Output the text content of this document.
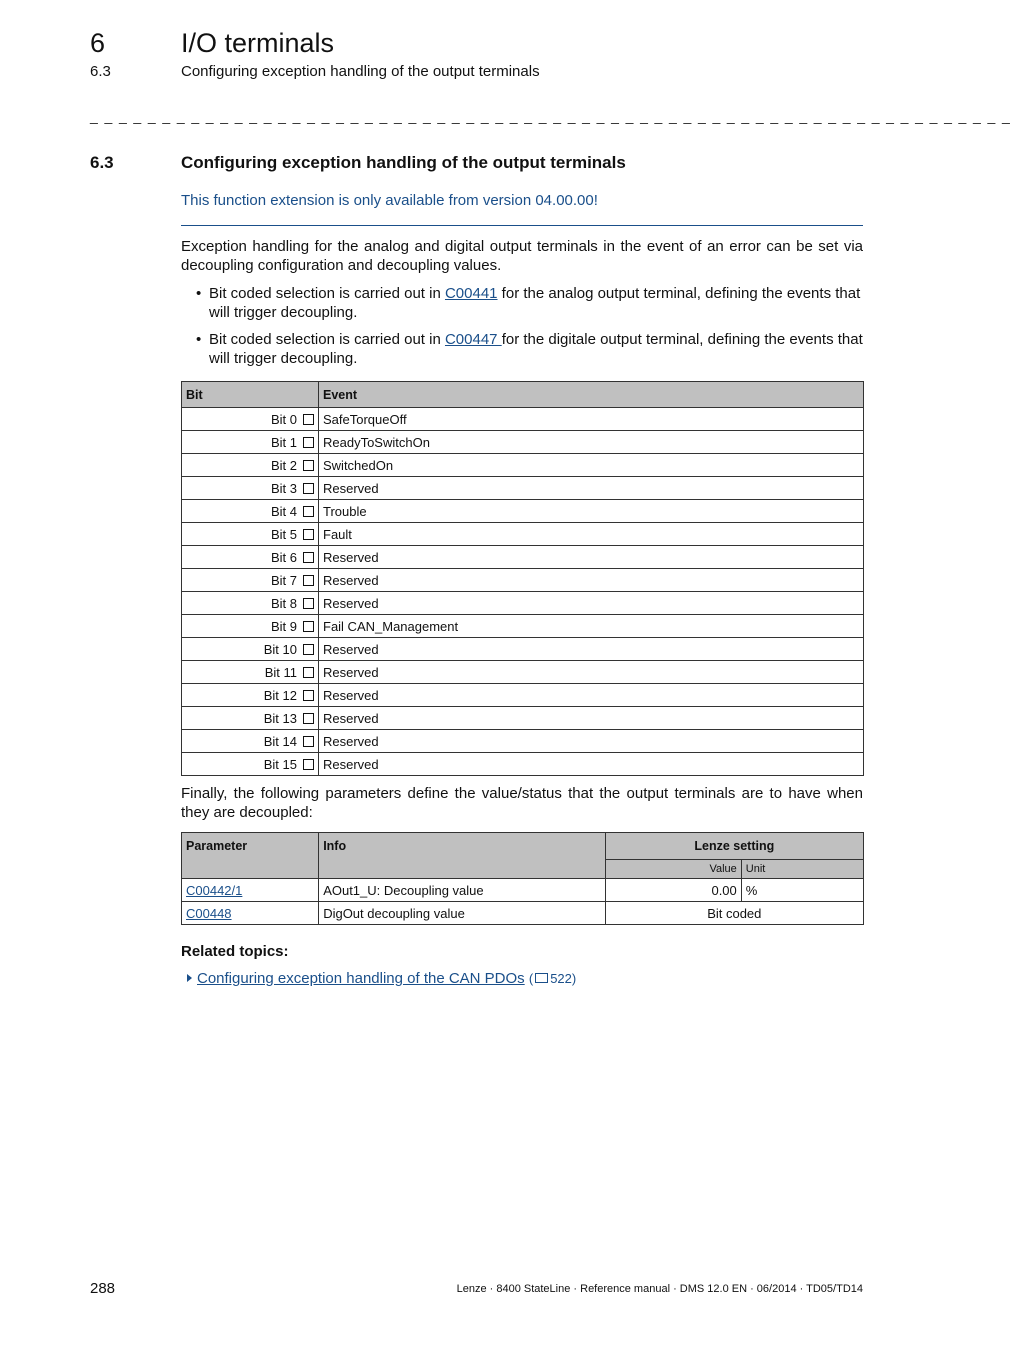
6	I/O terminals
6.3	Configuring exception handling of the output terminals
_ _ _ _ _ _ _ _ _ _ _ _ _ _ _ _ _ _ _ _ _ _ _ _ _ _ _ _ _ _ _ _ _ _ _ _ _ _ _ _ _ _ _ _ _ _ _ _ _ _ _ _ _ _ _ _ _ _ _ _ _ _ _ _
6.3	Configuring exception handling of the output terminals
This function extension is only available from version 04.00.00!
Exception handling for the analog and digital output terminals in the event of an error can be set via decoupling configuration and decoupling values.
• Bit coded selection is carried out in C00441 for the analog output terminal, defining the events that will trigger decoupling.
• Bit coded selection is carried out in C00447 for the digitale output terminal, defining the events that will trigger decoupling.
Bit	Event
Bit 0	SafeTorqueOff
Bit 1	ReadyToSwitchOn
Bit 2	SwitchedOn
Bit 3	Reserved
Bit 4	Trouble
Bit 5	Fault
Bit 6	Reserved
Bit 7	Reserved
Bit 8	Reserved
Bit 9	Fail CAN_Management
Bit 10	Reserved
Bit 11	Reserved
Bit 12	Reserved
Bit 13	Reserved
Bit 14	Reserved
Bit 15	Reserved
Finally, the following parameters define the value/status that the output terminals are to have when they are decoupled:
Parameter	Info	Lenze setting	
		Value	Unit
C00442/1	AOut1_U: Decoupling value	0.00	%
C00448	DigOut decoupling value	Bit coded	
Related topics:
Configuring exception handling of the CAN PDOs ( 522)
288	Lenze · 8400 StateLine · Reference manual · DMS 12.0 EN · 06/2014 · TD05/TD14
